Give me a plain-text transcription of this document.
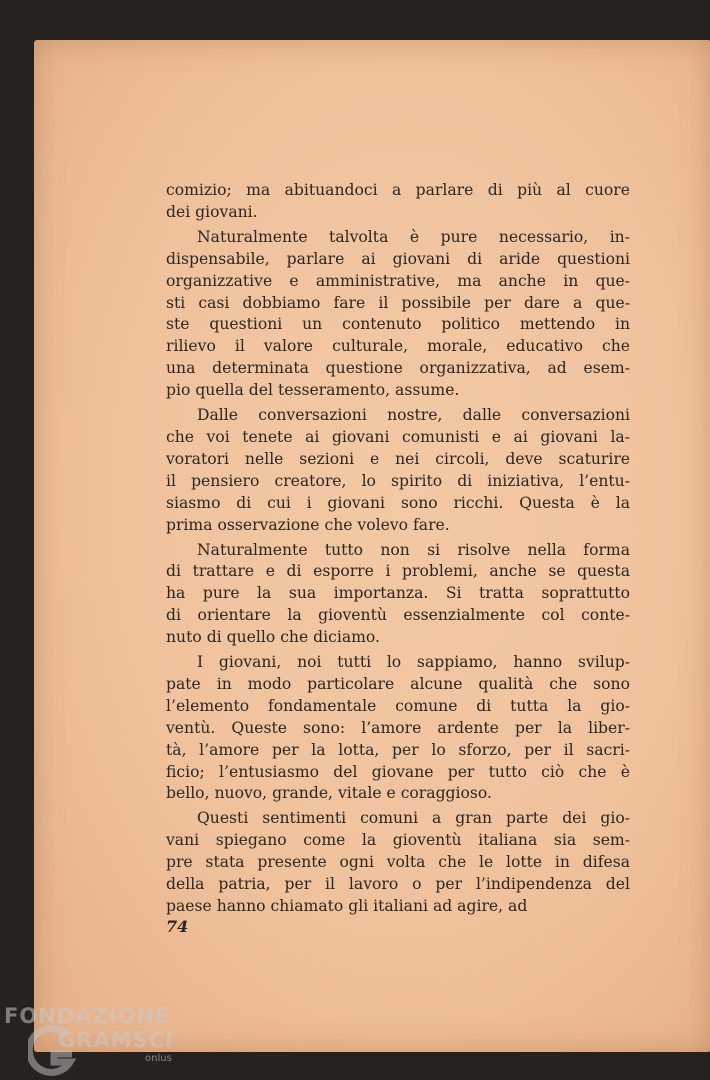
comizio; ma abituandoci a parlare di più al cuore
dei giovani.
Naturalmente talvolta è pure necessario, in-
dispensabile, parlare ai giovani di aride questioni
organizzative e amministrative, ma anche in que-
sti casi dobbiamo fare il possibile per dare a que-
ste questioni un contenuto politico mettendo in
rilievo il valore culturale, morale, educativo che
una determinata questione organizzativa, ad esem-
pio quella del tesseramento, assume.
Dalle conversazioni nostre, dalle conversazioni
che voi tenete ai giovani comunisti e ai giovani la-
voratori nelle sezioni e nei circoli, deve scaturire
il pensiero creatore, lo spirito di iniziativa, l’entu-
siasmo di cui i giovani sono ricchi. Questa è la
prima osservazione che volevo fare.
Naturalmente tutto non si risolve nella forma
di trattare e di esporre i problemi, anche se questa
ha pure la sua importanza. Si tratta soprattutto
di orientare la gioventù essenzialmente col conte-
nuto di quello che diciamo.
I giovani, noi tutti lo sappiamo, hanno svilup-
pate in modo particolare alcune qualità che sono
l’elemento fondamentale comune di tutta la gio-
ventù. Queste sono: l’amore ardente per la liber-
tà, l’amore per la lotta, per lo sforzo, per il sacri-
ficio; l’entusiasmo del giovane per tutto ciò che è
bello, nuovo, grande, vitale e coraggioso.
Questi sentimenti comuni a gran parte dei gio-
vani spiegano come la gioventù italiana sia sem-
pre stata presente ogni volta che le lotte in difesa
della patria, per il lavoro o per l’indipendenza del
paese hanno chiamato gli italiani ad agire, ad
74
FONDAZIONE
GRAMSCI
onlus
